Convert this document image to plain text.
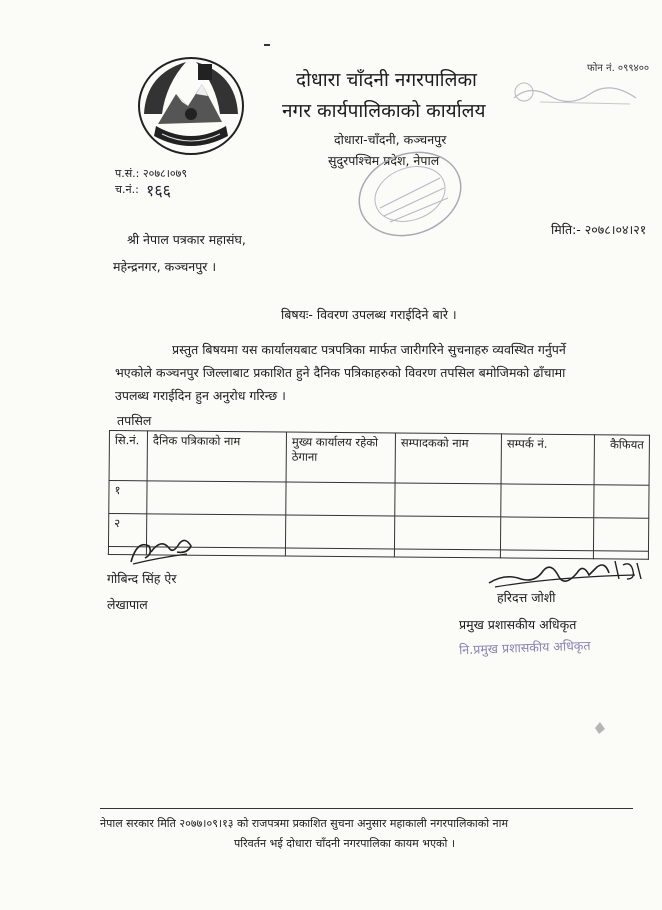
दोधारा चाँदनी नगरपालिका
नगर कार्यपालिकाको कार्यालय
दोधारा-चाँदनी, कञ्चनपुर
सुदुरपश्चिम प्रदेश, नेपाल
फोन नं. ०९९४००
प.सं.: २०७८।०७९
च.नं.: १६६
मिति:- २०७८।०४।२१
श्री नेपाल पत्रकार महासंघ,
महेन्द्रनगर, कञ्चनपुर ।
बिषयः- विवरण उपलब्ध गराईदिने बारे ।
प्रस्तुत बिषयमा यस कार्यालयबाट पत्रपत्रिका मार्फत जारीगरिने सुचनाहरु व्यवस्थित गर्नुपर्ने
भएकोले कञ्चनपुर जिल्लाबाट प्रकाशित हुने दैनिक पत्रिकाहरुको विवरण तपसिल बमोजिमको ढाँचामा
उपलब्ध गराईदिन हुन अनुरोध गरिन्छ ।
तपसिल
सि.नं.	दैनिक पत्रिकाको नाम	मुख्य कार्यालय रहेको ठेगाना	सम्पादकको नाम	सम्पर्क नं.	कैफियत
१					
२					

गोबिन्द सिंह ऐर
लेखापाल	हरिदत्त जोशी
प्रमुख प्रशासकीय अधिकृत
नि.प्रमुख प्रशासकीय अधिकृत
नेपाल सरकार मिति २०७७।०९।१३ को राजपत्रमा प्रकाशित सुचना अनुसार महाकाली नगरपालिकाको नाम
परिवर्तन भई दोधारा चाँदनी नगरपालिका कायम भएको ।
